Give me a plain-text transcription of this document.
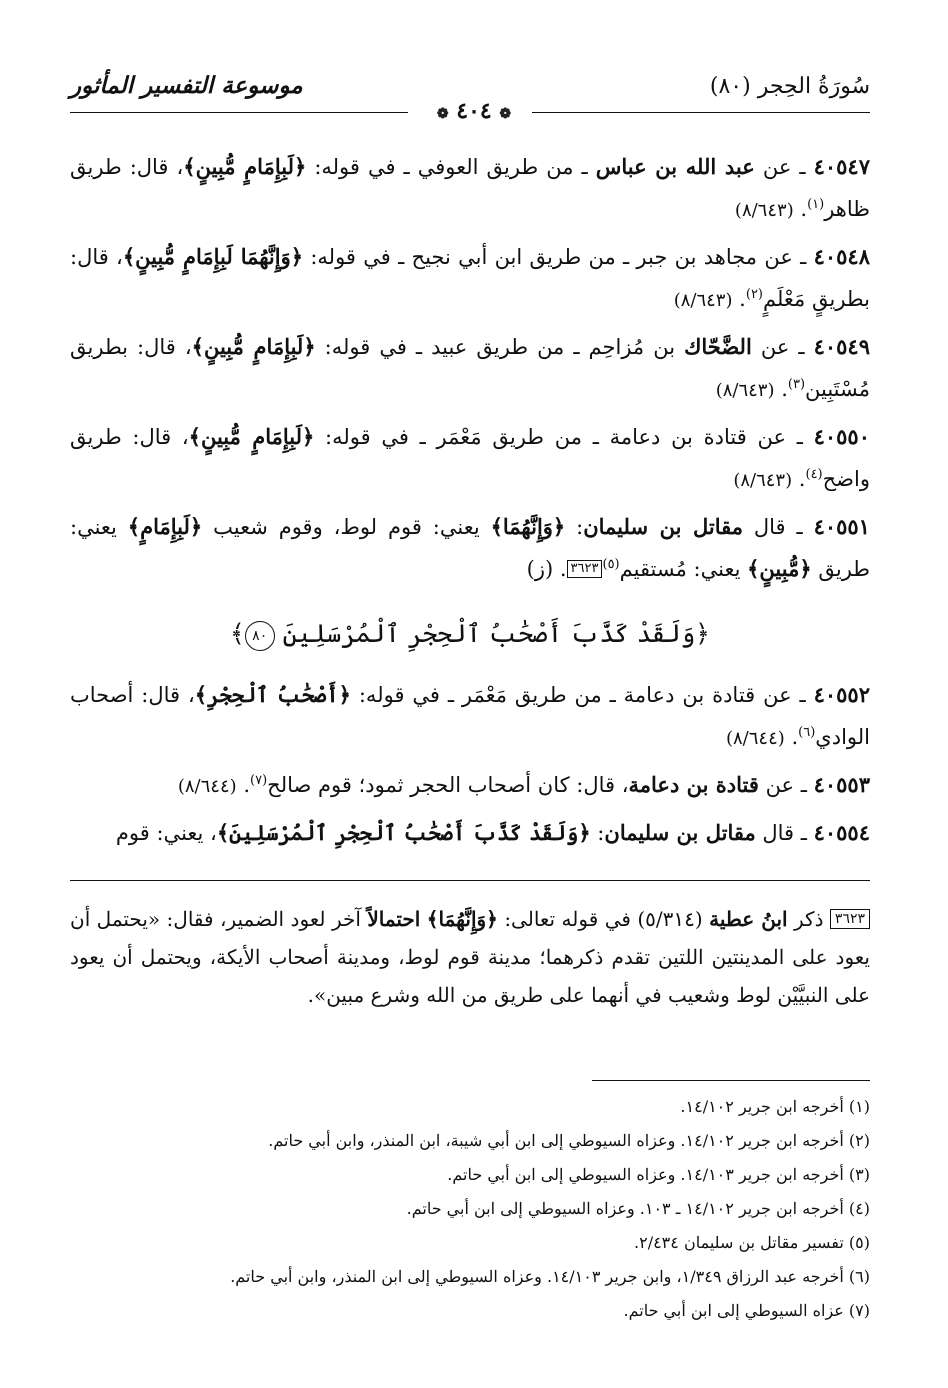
سُورَةُ الحِجر (٨٠)
موسوعة التفسير المأثور
❁ ٤٠٤ ❁

٤٠٥٤٧ ـ عن عبد الله بن عباس ـ من طريق العوفي ـ في قوله: ﴿لَبِإِمَامٍ مُّبِينٍ﴾، قال: طريق ظاهر$^{(١)}$. (٨/٦٤٣)

٤٠٥٤٨ ـ عن مجاهد بن جبر ـ من طريق ابن أبي نجيح ـ في قوله: ﴿وَإِنَّهُمَا لَبِإِمَامٍ مُّبِينٍ﴾، قال: بطريقٍ مَعْلَمٍ$^{(٢)}$. (٨/٦٤٣)

٤٠٥٤٩ ـ عن الضَّحّاك بن مُزاحِم ـ من طريق عبيد ـ في قوله: ﴿لَبِإِمَامٍ مُّبِينٍ﴾، قال: بطريق مُسْتَبِين$^{(٣)}$. (٨/٦٤٣)

٤٠٥٥٠ ـ عن قتادة بن دعامة ـ من طريق مَعْمَر ـ في قوله: ﴿لَبِإِمَامٍ مُّبِينٍ﴾، قال: طريق واضح$^{(٤)}$. (٨/٦٤٣)

٤٠٥٥١ ـ قال مقاتل بن سليمان: ﴿وَإِنَّهُمَا﴾ يعني: قوم لوط، وقوم شعيب ﴿لَبِإِمَامٍ﴾ يعني: طريق ﴿مُّبِينٍ﴾ يعني: مُستقيم$^{(٥)}$٣٦٢٣. (ز)

﴿وَلَقَدْ كَذَّبَ أَصْحَٰبُ ٱلْحِجْرِ ٱلْمُرْسَلِينَ ٨٠﴾

٤٠٥٥٢ ـ عن قتادة بن دعامة ـ من طريق مَعْمَر ـ في قوله: ﴿أَصْحَٰبُ ٱلْحِجْرِ﴾، قال: أصحاب الوادي$^{(٦)}$. (٨/٦٤٤)

٤٠٥٥٣ ـ عن قتادة بن دعامة، قال: كان أصحاب الحجر ثمود؛ قوم صالح$^{(٧)}$. (٨/٦٤٤)

٤٠٥٥٤ ـ قال مقاتل بن سليمان: ﴿وَلَقَدْ كَذَّبَ أَصْحَٰبُ ٱلْحِجْرِ ٱلْمُرْسَلِينَ﴾، يعني: قوم

٣٦٢٣ ذكر ابنُ عطية (٥/٣١٤) في قوله تعالى: ﴿وَإِنَّهُمَا﴾ احتمالاً آخر لعود الضمير، فقال: «يحتمل أن يعود على المدينتين اللتين تقدم ذكرهما؛ مدينة قوم لوط، ومدينة أصحاب الأيكة، ويحتمل أن يعود على النبيَّيْن لوط وشعيب في أنهما على طريق من الله وشرع مبين».
(١) أخرجه ابن جرير ١٤/١٠٢.
(٢) أخرجه ابن جرير ١٤/١٠٢. وعزاه السيوطي إلى ابن أبي شيبة، ابن المنذر، وابن أبي حاتم.
(٣) أخرجه ابن جرير ١٤/١٠٣. وعزاه السيوطي إلى ابن أبي حاتم.
(٤) أخرجه ابن جرير ١٤/١٠٢ ـ ١٠٣. وعزاه السيوطي إلى ابن أبي حاتم.
(٥) تفسير مقاتل بن سليمان ٢/٤٣٤.
(٦) أخرجه عبد الرزاق ١/٣٤٩، وابن جرير ١٤/١٠٣. وعزاه السيوطي إلى ابن المنذر، وابن أبي حاتم.
(٧) عزاه السيوطي إلى ابن أبي حاتم.
